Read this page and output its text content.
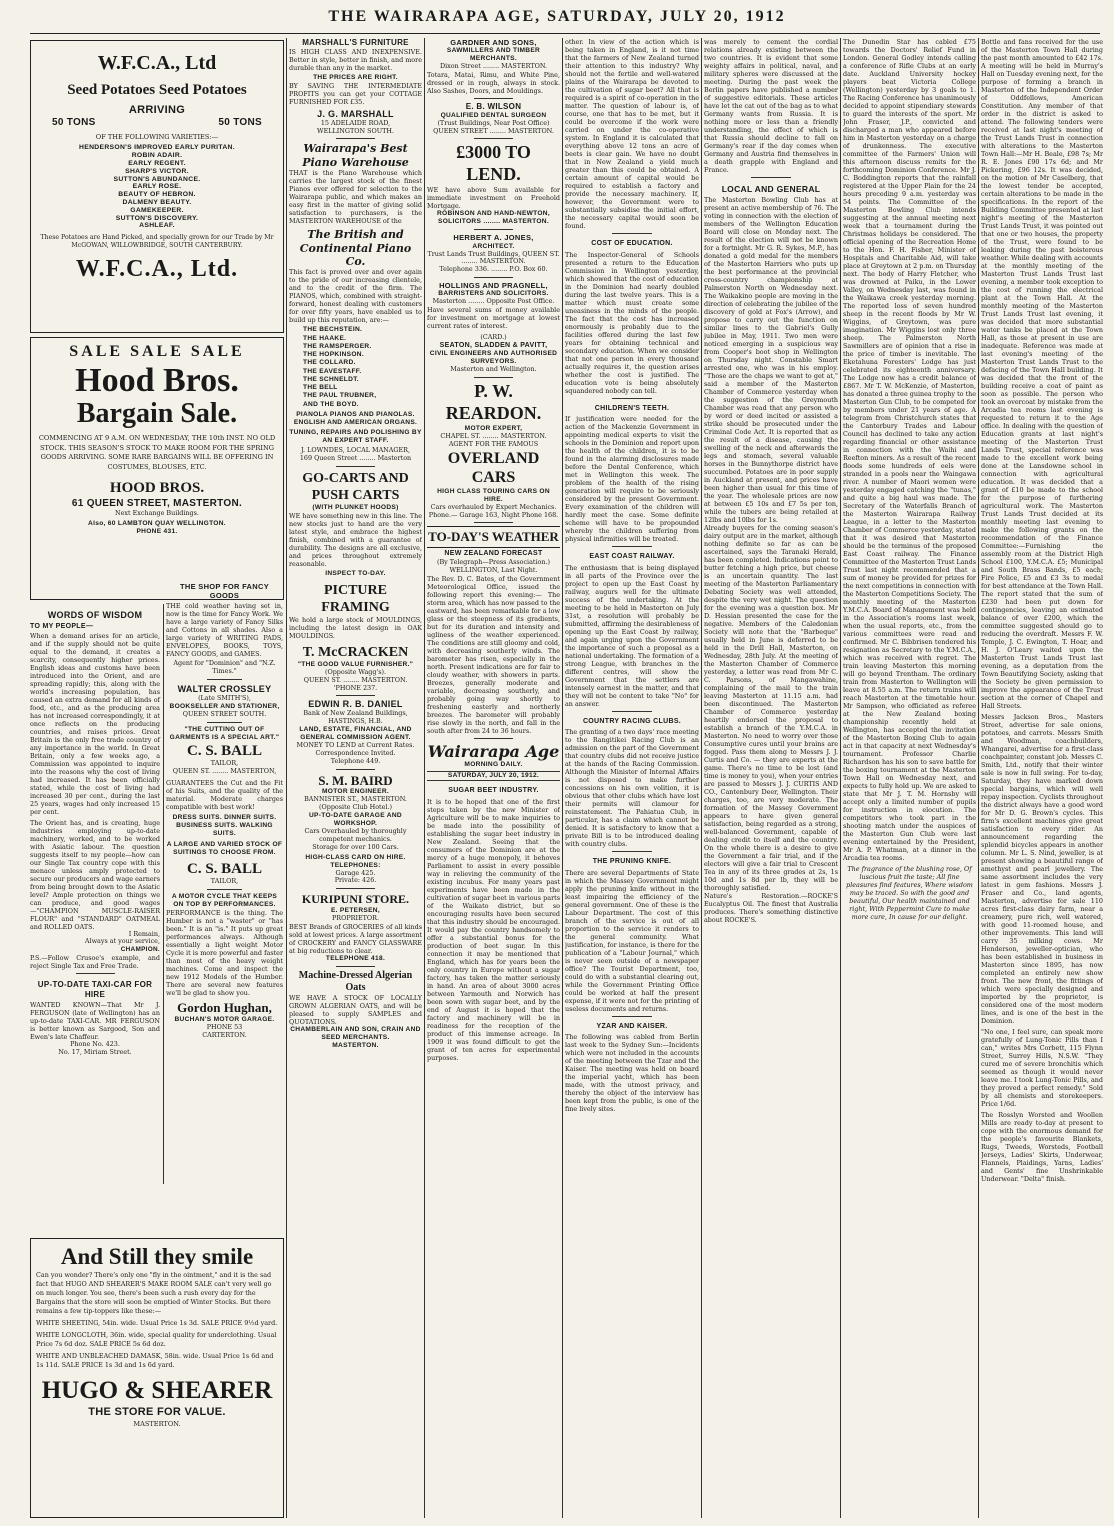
THE WAIRARAPA AGE, SATURDAY, JULY 20, 1912
W.F.C.A., Ltd
Seed Potatoes Seed Potatoes
ARRIVING
50 TONS	50 TONS
OF THE FOLLOWING VARIETIES:—
HENDERSON'S IMPROVED EARLY PURITAN.
ROBIN ADAIR.
EARLY REGENT.
SHARP'S VICTOR.
SUTTON'S ABUNDANCE.
EARLY ROSE.
BEAUTY OF HEBRON.
DALMENY BEAUTY.
GAMEKEEPER.
SUTTON'S DISCOVERY.
ASHLEAF.
These Potatoes are Hand Picked, and specially grown for our Trade by Mr McGOWAN, WILLOWBRIDGE, SOUTH CANTERBURY.
W.F.C.A., Ltd.
SALE SALE SALE
Hood Bros.
Bargain Sale.
COMMENCING AT 9 A.M. ON WEDNESDAY, THE 10th INST. NO OLD STOCK. THIS SEASON'S STOCK TO MAKE ROOM FOR THE SPRING GOODS ARRIVING. SOME RARE BARGAINS WILL BE OFFERING IN COSTUMES, BLOUSES, ETC.
HOOD BROS.
61 QUEEN STREET, MASTERTON.
Next Exchange Buildings.
Also, 60 LAMBTON QUAY WELLINGTON.
PHONE 431.
WORDS OF WISDOM
TO MY PEOPLE—

When a demand arises for an article, and if the supply should not be quite equal to the demand, it creates a scarcity, consequently higher prices. English ideas and customs have been introduced into the Orient, and are spreading rapidly; this, along with the world's increasing population, has caused an extra demand for all kinds of food, etc., and as the producing area has not increased correspondingly, it at once reflects on the producing countries, and raises prices. Great Britain is the only free trade country of any importance in the world. In Great Britain, only a few weeks ago, a Commission was appointed to inquire into the reasons why the cost of living had increased. It has been officially stated, while the cost of living had increased 30 per cent., during the last 25 years, wages had only increased 15 per cent.

The Orient has, and is creating, huge industries employing up-to-date machinery, worked, and to be worked with Asiatic labour. The question suggests itself to my people—how can our Single Tax country cope with this menace unless amply protected to secure our producers and wage earners from being brought down to the Asiatic level? Ample protection on things we can produce, and good wages—"CHAMPION MUSCLE-RAISER FLOUR" and "STANDARD" OATMEAL and ROLLED OATS.

I Remain,
Always at your service,
CHAMPION.

P.S.—Follow Crusoe's example, and reject Single Tax and Free Trade.

UP-TO-DATE TAXI-CAR FOR HIRE

WANTED KNOWN—That Mr J. FERGUSON (late of Wellington) has an up-to-date TAXI-CAR. MR FERGUSON is better known as Sargood, Son and Ewen's late Chaffeur.

Phone No. 423.
No. 17, Miriam Street.
And Still they smile
Can you wonder? There's only one "fly in the ointment," and it is the sad fact that HUGO AND SHEARER'S MAKE ROOM SALE can't very well go on much longer. You see, there's been such a rush every day for the Bargains that the store will soon be emptied of Winter Stocks. But there remains a few tip-toppers like these:—
WHITE SHEETING, 54in. wide. Usual Price 1s 3d. SALE PRICE 9½d yard.
WHITE LONGCLOTH, 36in. wide, special quality for underclothing. Usual Price 7s 6d doz. SALE PRICE 5s 6d doz.
WHITE AND UNBLEACHED DAMASK, 58in. wide. Usual Price 1s 6d and 1s 11d. SALE PRICE 1s 3d and 1s 6d yard.
HUGO & SHEARER
THE STORE FOR VALUE.
MASTERTON.
THE SHOP FOR FANCY GOODS

THE cold weather having set in, now is the time for Fancy Work. We have a large variety of Fancy Silks and Cottons in all shades. Also a large variety of WRITING PADS, ENVELOPES, BOOKS, TOYS, FANCY GOODS, and GAMES.

Agent for "Dominion" and "N.Z. Times."
WALTER CROSSLEY
(Late SMITH'S),
BOOKSELLER AND STATIONER,
QUEEN STREET SOUTH.
"THE CUTTING OUT OF GARMENTS IS A SPECIAL ART."
C. S. BALL
TAILOR,
QUEEN ST. ........ MASTERTON,

GUARANTEES the Cut and the Fit of his Suits, and the quality of the material. Moderate charges compatible with best work!

DRESS SUITS. DINNER SUITS. BUSINESS SUITS. WALKING SUITS.
A LARGE AND VARIED STOCK OF SUITINGS TO CHOOSE FROM.
C. S. BALL
TAILOR,
A MOTOR CYCLE THAT KEEPS ON TOP BY PERFORMANCES.

PERFORMANCE is the thing. The Humber is not a "waster" or "has been." It is an "is." It puts up great performances always. Although essentially a light weight Motor Cycle it is more powerful and faster than most of the heavy weight machines. Come and inspect the new 1912 Models of the Humber. There are several new features we'll be glad to show you.

Gordon Hughan,
BUCHAN'S MOTOR GARAGE.
PHONE 53
CARTERTON.
MARSHALL'S FURNITURE

IS HIGH CLASS AND INEXPENSIVE. Better in style, better in finish, and more durable than any in the market.

THE PRICES ARE RIGHT.

BY SAVING THE INTERMEDIATE PROFITS you can get your COTTAGE FURNISHED FOR £35.

J. G. MARSHALL
15 ADELAIDE ROAD,
WELLINGTON SOUTH.
Wairarapa's Best
Piano Warehouse

THAT is the Piano Warehouse which carries the largest stock of the finest Pianos ever offered for selection to the Wairarapa public, and which makes an easy first in the matter of giving solid satisfaction to purchasers, is the MASTERTON WAREHOUSE of the

The British and Continental Piano Co.

This fact is proved over and over again to the pride of our increasing clientele, and to the credit of the firm. The PIANOS, which, combined with straight-forward, honest dealing with customers for over fifty years, have enabled us to build up this reputation, are:—

THE BECHSTEIN.
THE HAAKE.
THE RAMSPERGER.
THE HOPKINSON.
THE COLLARD.
THE EAVESTAFF.
THE SCHNELDT.
THE BELL
THE PAUL TRUBNER,
AND THE BOYD.
PIANOLA PIANOS AND PIANOLAS. ENGLISH AND AMERICAN ORGANS.
TUNING, REPAIRS AND POLISHING BY AN EXPERT STAFF.
J. LOWNDES, LOCAL MANAGER,
169 Queen Street ........ Masterton
GO-CARTS AND PUSH CARTS
(WITH PLUNKET HOODS)

WE have something new in this line. The new stocks just to hand are the very latest style, and embrace the highest finish, combined with a guarantee of durability. The designs are all exclusive, and prices throughout extremely reasonable.

INSPECT TO-DAY.
PICTURE FRAMING

We hold a large stock of MOULDINGS, including the latest design in OAK MOULDINGS.

T. McCRACKEN
"THE GOOD VALUE FURNISHER."
(Opposite Wagg's).
QUEEN ST. ........ MASTERTON.
'PHONE 237.
EDWIN R. B. DANIEL
Bank of New Zealand Buildings,
HASTINGS, H.B.
LAND, ESTATE, FINANCIAL, AND GENERAL COMMISSION AGENT.
MONEY TO LEND at Current Rates.
Correspondence Invited.
Telephone 449.
S. M. BAIRD
MOTOR ENGINEER.
BANNISTER ST., MASTERTON. (Opposite Club Hotel.)
UP-TO-DATE GARAGE AND WORKSHOP.
Cars Overhauled by thoroughly competent mechanics.
Storage for over 100 Cars.
HIGH-CLASS CARD ON HIRE.
TELEPHONES:
Garage 425.
Private: 426.
KURIPUNI STORE.
E. PETERSEN,
PROPRIETOR.

BEST Brands of GROCERIES of all kinds sold at lowest prices. A large assortment of CROCKERY and FANCY GLASSWARE at big reductions to clear.

TELEPHONE 418.
Machine-Dressed Algerian Oats

WE HAVE A STOCK OF LOCALLY GROWN ALGERIAN OATS, and will be pleased to supply SAMPLES and QUOTATIONS.

CHAMBERLAIN AND SON, CRAIN AND SEED MERCHANTS.
MASTERTON.
GARDNER AND SONS,
SAWMILLERS AND TIMBER MERCHANTS.
Dixon Street ........ MASTERTON.

Totara, Matai, Rimu, and White Pine, dressed or in rough, always in stock. Also Sashes, Doors, and Mouldings.

E. B. WILSON
QUALIFIED DENTAL SURGEON
(Trust Buildings, Near Post Office) QUEEN STREET ........ MASTERTON.
£3000 TO LEND.

WE have above Sum available for immediate investment on Freehold Mortgage.

ROBINSON AND HAND-NEWTON, SOLICITORS ........ MASTERTON.
HERBERT A. JONES,
ARCHITECT.
Trust Lands Trust Buildings, QUEEN ST. ........ MASTERTON.
Telephone 336. ........ P.O. Box 60.
HOLLINGS AND PRAGNELL,
BARRISTERS AND SOLICITORS.
Masterton ........ Opposite Post Office.

Have several sums of money available for investment on mortgage at lowest current rates of interest.

(CARD.)
SEATON, SLADDEN & PAVITT,
CIVIL ENGINEERS AND AUTHORISED SURVEYORS.
Masterton and Wellington.
P. W. REARDON.
MOTOR EXPERT,
CHAPEL ST. ........ MASTERTON.
AGENT FOR THE FAMOUS
OVERLAND CARS
HIGH CLASS TOURING CARS ON HIRE.
Cars overhauled by Expert Mechanics.
Phone.— Garage 163, Night Phone 168.
TO-DAY'S WEATHER
NEW ZEALAND FORECAST
(By Telegraph—Press Association.)
WELLINGTON, Last Night.

The Rev. D. C. Bates, of the Government Meteorological Office, issued the following report this evening:— The storm area, which has now passed to the eastward, has been remarkable for a low glass or the steepness of its gradients, but for its duration and intensity and ugliness of the weather experienced. The conditions are still gloomy and cold, with decreasing southerly winds. The barometer has risen, especially in the north. Present indications are for fair to cloudy weather, with showers in parts. Breezes, generally moderate and variable, decreasing southerly, and probably going way shortly to freshening easterly and northerly breezes. The barometer will probably rise slowly in the north, and fall in the south after from 24 to 36 hours.

Wairarapa Age
MORNING DAILY.
SATURDAY, JULY 20, 1912.
SUGAR BEET INDUSTRY.

It is to be hoped that one of the first steps taken by the new Minister of Agriculture will be to make inquiries to be made into the possibility of establishing the sugar beet industry in New Zealand. Seeing that the consumers of the Dominion are at the mercy of a huge monopoly, it behoves Parliament to assist in every possible way in relieving the community of the existing incubus. For many years past experiments have been made in the cultivation of sugar beet in various parts of the Waikato district, but so encouraging results have been secured that this industry should be encouraged. It would pay the country handsomely to offer a substantial bonus for the production of beet sugar. In this connection it may be mentioned that England, which has for years been the only country in Europe without a sugar factory, has taken the matter seriously in hand. An area of about 3000 acres between Yarmouth and Norwich has been sown with sugar beet, and by the end of August it is hoped that the factory and machinery will be in readiness for the reception of the product of this immense acreage. In 1909 it was found difficult to get the grant of ten acres for experimental purposes.

other. In view of the action which is being taken in England, is it not time that the farmers of New Zealand turned their attention to this industry? Why should not the fertile and well-watered plains of the Wairarapa be devoted to the cultivation of sugar beet? All that is required is a spirit of co-operation in the matter. The question of labour is, of course, one that has to be met, but it could be overcome if the work were carried on under the co-operative system. In England it is calculated that everything above 12 tons an acre of beets is clear gain. We have no doubt that in New Zealand a yield much greater than this could be obtained. A certain amount of capital would be required to establish a factory and provide the necessary machinery. If, however, the Government were to substantially subsidise the initial effort, the necessary capital would soon be found.

COST OF EDUCATION.

The Inspector-General of Schools presented a return to the Education Commission in Wellington yesterday, which showed that the cost of education in the Dominion had nearly doubled during the last twelve years. This is a matter which must create some uneasiness in the minds of the people. The fact that the cost has increased enormously is probably due to the facilities offered during the last few years for obtaining technical and secondary education. When we consider that not one person in every thousand actually requires it, the question arises whether the cost is justified. The education vote is being absolutely squandered nobody can tell.

CHILDREN'S TEETH.

If justification were needed for the action of the Mackenzie Government in appointing medical experts to visit the schools in the Dominion and report upon the health of the children, it is to be found in the alarming disclosures made before the Dental Conference, which met in Wellington this week. The problem of the health of the rising generation will require to be seriously considered by the present Government. Every examination of the children will hardly meet the case. Some definite scheme will have to be propounded whereby the children suffering from physical infirmities will be treated.

EAST COAST RAILWAY.

The enthusiasm that is being displayed in all parts of the Province over the project to open up the East Coast by railway, augurs well for the ultimate success of the undertaking. At the meeting to be held in Masterton on July 31st, a resolution will probably be submitted, affirming the desirableness of opening up the East Coast by railway, and again urging upon the Government the importance of such a proposal as a national undertaking. The formation of a strong League, with branches in the different centres, will show the Government that the settlers are intensely earnest in the matter, and that they will not be content to take "No" for an answer.

COUNTRY RACING CLUBS.

The granting of a two days' race meeting to the Rangitikei Racing Club is an admission on the part of the Government that country clubs did not receive justice at the hands of the Racing Commission. Although the Minister of Internal Affairs is not disposed to make further concessions on his own volition, it is obvious that other clubs which have lost their permits will clamour for reinstatement. The Pahiatua Club, in particular, has a claim which cannot be denied. It is satisfactory to know that a private Bill is to be introduced dealing with country clubs.

THE PRUNING KNIFE.

There are several Departments of State in which the Massey Government might apply the pruning knife without in the least impairing the efficiency of the general government. One of these is the Labour Department. The cost of this branch of the service is out of all proportion to the service it renders to the general community. What justification, for instance, is there for the publication of a "Labour Journal," which is never seen outside of a newspaper office? The Tourist Department, too, could do with a substantial clearing out, while the Government Printing Office could be worked at half the present expense, if it were not for the printing of useless documents and returns.

YZAR AND KAISER.

The following was cabled from Berlin last week to the Sydney Sun:—Incidents which were not included in the accounts of the meeting between the Tzar and the Kaiser. The meeting was held on board the imperial yacht, which has been made, with the utmost privacy, and thereby the object of the interview has been kept from the public, is one of the fine lively sites.

was merely to cement the cordial relations already existing between the two countries. It is evident that some weighty affairs in political, naval, and military spheres were discussed at the meeting. During the past week the Berlin papers have published a number of suggestive editorials. These articles have let the cat out of the bag as to what Germany wants from Russia. It is nothing more or less than a friendly understanding, the effect of which is that Russia should decline to fall on Germany's rear if the day comes when Germany and Austria find themselves in a death grapple with England and France.

LOCAL AND GENERAL

The Masterton Bowling Club has at present an active membership of 76. The voting in connection with the election of members of the Wellington Education Board will close on Monday next. The result of the election will not be known for a fortnight. Mr G. R. Sykes, M.P., has donated a gold medal for the members of the Masterton Harriers who puts up the best performance at the provincial cross-country championship at Palmerston North on Wednesday next. The Waikakino people are moving in the direction of celebrating the jubilee of the discovery of gold at Fox's (Arrow), and propose to carry out the function on similar lines to the Gabriel's Gully jubilee in May, 1911. Two men were noticed emerging in a suspicious way from Cooper's boot shop in Wellington on Thursday night. Constable Smart arrested one, who was in his employ. "Those are the chaps we want to get at," said a member of the Masterton Chamber of Commerce yesterday when the suggestion of the Greymouth Chamber was read that any person who by word or deed incited or assisted a strike should be prosecuted under the Criminal Code Act. It is reported that as the result of a disease, causing the swelling of the neck and afterwards the legs and stomach, several valuable horses in the Bunnythorpe district have succumbed. Potatoes are in poor supply in Auckland at present, and prices have been higher than usual for this time of the year. The wholesale prices are now at between £5 10s and £7 5s per ton, while the tubers are being retailed at 12lbs and 10lbs for 1s.

Already buyers for the coming season's dairy output are in the market, although nothing definite so far as can be ascertained, says the Taranaki Herald, has been completed. Indications point to butter fetching a high price, but cheese is an uncertain quantity. The last meeting of the Masterton Parliamentary Debating Society was well attended, despite the very wet night. The question for the evening was a question box. Mr D. Hessian presented the case for the negative. Members of the Caledonian Society will note that the "Barbeque" usually held in June is deferred to be held in the Drill Hall, Masterton, on Wednesday, 28th July. At the meeting of the Masterton Chamber of Commerce yesterday, a letter was read from Mr C. C. Parsons, of Mangawahine, complaining of the mail to the train leaving Masterton at 11.15 a.m. had been discontinued. The Masterton Chamber of Commerce yesterday heartily endorsed the proposal to establish a branch of the Y.M.C.A. in Masterton. No need to worry over those Consumptive cures until your brains are fogged. Pass them along to Messrs J. J. Curtis and Co. — they are experts at the game. There's no time to be lost (and time is money to you), when your entries are passed to Messrs J. J. CURTIS AND CO., Cantenbury Deer, Wellington. Their charges, too, are very moderate. The formation of the Massey Government appears to have given general satisfaction, being regarded as a strong, well-balanced Government, capable of dealing credit to itself and the country. On the whole there is a desire to give the Government a fair trial, and if the electors will give a fair trial to Crescent Tea in any of its three grades at 2s, 1s 10d and 1s 8d per lb, they will be thoroughly satisfied.

Nature's Restoration.—ROCKE'S Eucalyptus Oil. The finest that Australia produces. There's something distinctive about ROCKE'S.

The Dunedin Star has cabled £75 towards the Doctors' Relief Fund in London. General Godley intends calling a conference of Rifle Clubs at an early date. Auckland University hockey players beat Victoria College (Wellington) yesterday by 3 goals to 1. The Racing Conference has unanimously decided to appoint stipendiary stewards to guard the interests of the sport. Mr John Fraser, J.P., convicted and discharged a man who appeared before him in Masterton yesterday on a charge of drunkenness. The executive committee of the Farmers' Union will this afternoon discuss remits for the forthcoming Dominion Conference. Mr J. C. Boddington reports that the rainfall registered at the Upper Plain for the 24 hours preceding 9 a.m. yesterday was 54 points. The Committee of the Masterton Bowling Club intends suggesting at the annual meeting next week that a tournament during the Christmas holidays be considered. The official opening of the Recreation Home to the Hon. F. H. Fisher, Minister of Hospitals and Charitable Aid, will take place at Greytown at 2 p.m. on Thursday next. The body of Harry Fletcher, who was drowned at Paiku, in the Lower Valley, on Wednesday last, was found in the Waikawa creek yesterday morning. The reported loss of seven hundred sheep in the recent floods by Mr W. Wiggins, of Greytown, was pure imagination. Mr Wiggins lost only three sheep. The Palmerston North Sawmillers are of opinion that a rise in the price of timber is inevitable. The Eketahuna Foresters' Lodge has just celebrated its eighteenth anniversary. The Lodge now has a credit balance of £867. Mr T. W. McKenzie, of Masterton, has donated a three guinea trophy to the Masterton Gun Club, to be competed for by members under 21 years of age. A telegram from Christchurch states that the Canterbury Trades and Labour Council has declined to take any action regarding financial or other assistance in connection with the Waihi and Reefton miners. As a result of the recent floods some hundreds of eels were stranded in a pools near the Waingawa river. A number of Maori women were yesterday engaged catching the "tunas," and quite a big haul was made. The Secretary of the Waterfalls Branch of the Masterton Wairarapa Railway League, in a letter to the Masterton Chamber of Commerce yesterday, stated that it was desired that Masterton should be the terminus of the proposed East Coast railway. The Finance Committee of the Masterton Trust Lands Trust last night recommended that a sum of money be provided for prizes for the next competitions in connection with the Masterton Competitions Society. The monthly meeting of the Masterton Y.M.C.A. Board of Management was held in the Association's rooms last week, when the usual reports, etc., from the various committees were read and confirmed. Mr C. Bibbrisen tendered his resignation as Secretary to the Y.M.C.A., which was received with regret. The train leaving Masterton this morning will go beyond Trentham. The ordinary train from Masterton to Wellington will leave at 8.55 a.m. The return trains will reach Masterton at the timetable hour. Mr Sampson, who officiated as referee at the New Zealand boxing championship recently held at Wellington, has accepted the invitation of the Masterton Boxing Club to again act in that capacity at next Wednesday's tournament. Professor Charlie Richardson has his son to save battle for the boxing tournament at the Masterton Town Hall on Wednesday next, and expects to fully hold up. We are asked to state that Mr J. T. M. Hornsby will accept only a limited number of pupils for instruction in elocution. The competitors who took part in the shooting match under the auspices of the Masterton Gun Club were last evening entertained by the President, Mr A. P. Whatman, at a dinner in the Arcadia tea rooms.

The fragrance of the blushing rose, Of luscious fruit the taste; All fine pleasures find features, Where wisdom may be traced. So with the good and beautiful, Our health maintained and right, With Peppermint Cure to make more cure, In cause for our delight.

Bottle and fans received for the use of the Masterton Town Hall during the past month amounted to £42 17s. A meeting will be held in Murray's Hall on Tuesday evening next, for the purpose of forming a branch in Masterton of the Independent Order of Oddfellows, American Constitution. Any member of that order in the district is asked to attend. The following tenders were received at last night's meeting of the Trust Lands Trust in connection with alterations to the Masterton Town Hall:—Mr H. Beale, £98 7s; Mr R. E. Jones £90 17s 6d; and Mr Pickering, £96 12s. It was decided, on the motion of Mr Caselberg, that the lowest tender be accepted, certain alterations to be made in the specifications. In the report of the Building Committee presented at last night's meeting of the Masterton Trust Lands Trust, it was pointed out that one or two houses, the property of the Trust, were found to be leaking during the past boisterous weather. While dealing with accounts at the monthly meeting of the Masterton Trust Lands Trust last evening, a member took exception to the cost of running the electrical plant at the Town Hall. At the monthly meeting of the Masterton Trust Lands Trust last evening, it was decided that more substantial water tanks be placed at the Town Hall, as those at present in use are inadequate. Reference was made at last evening's meeting of the Masterton Trust Lands Trust to the defacing of the Town Hall building. It was decided that the front of the building receive a coat of paint as soon as possible. The person who took an overcoat by mistake from the Arcadia tea rooms last evening is requested to return it to the Age office. In dealing with the question of Education grants at last night's meeting of the Masterton Trust Lands Trust, special reference was made to the excellent work being done at the Lansdowne school in connection with agricultural education. It was decided that a grant of £10 be made to the school for the purpose of furthering agricultural work. The Masterton Trust Lands Trust decided at its monthly meeting last evening to make the following grants on the recommendation of the Finance Committee:—Furnishing the assembly room at the District High School £100, Y.M.C.A. £5; Municipal and South Brass Bands, £5 each; Fire Police, £5 and £3 3s to medal for best attendance at the Town Hall. The report stated that the sum of £230 had been put down for contingencies, leaving an estimated balance of over £200, which the committee suggested should go to reducing the overdraft. Messrs F. W. Temple, J. C. Ewington, T. Hoar, and H. J. O'Leary waited upon the Masterton Trust Lands Trust last evening, as a deputation from the Town Beautifying Society, asking that the Society be given permission to improve the appearance of the Trust section at the corner of Chapel and Hall Streets.

Messrs Jackson Bros., Masters Street, advertise for sale onions, potatoes, and carrots. Messrs Smith and Woodman, coachbuilders, Whangarei, advertise for a first-class coachpainter, constant job. Messrs C. Smith, Ltd., notify that their winter sale is now in full swing. For to-day, Saturday, they have marked down special bargains, which will well repay inspection. Cyclists throughout the district always have a good word for Mr D. G. Brown's cycles. This firm's excellent machines give great satisfaction to every rider. An announcement regarding the splendid bicycles appears in another column. Mr L. S. Nind, jeweller, is at present showing a beautiful range of amethyst and pearl jewellery. The same assortment includes the very latest in gem fashions. Messrs J. Fraser and Co., land agents, Masterton, advertise for sale 110 acres first-class dairy farm, near a creamery, pure rich, well watered, with good 11-roomed house, and other improvements. This land will carry 35 milking cows. Mr Henderson, jeweller-optician, who has been established in business in Masterton since 1895, has now completed an entirely new show front. The new front, the fittings of which were specially designed and imported by the proprietor, is considered one of the most modern lines, and is one of the best in the Dominion.

"No one, I feel sure, can speak more gratefully of Lung-Tonic Pills than I can," writes Mrs Corbett, 115 Flynn Street, Surrey Hills, N.S.W. "They cured me of severe bronchitis which seemed as though it would never leave me. I took Lung-Tonic Pills, and they proved a perfect remedy." Sold by all chemists and storekeepers. Price 1/6d.

The Rosslyn Worsted and Woollen Mills are ready to-day at present to cope with the enormous demand for the people's favourite Blankets, Rugs, Tweeds, Worsteds, Football Jerseys, Ladies' Skirts, Underwear, Flannels, Plaidings, Yarns, Ladies' and Gents' fine Unshrinkable Underwear. "Delta" finish.
